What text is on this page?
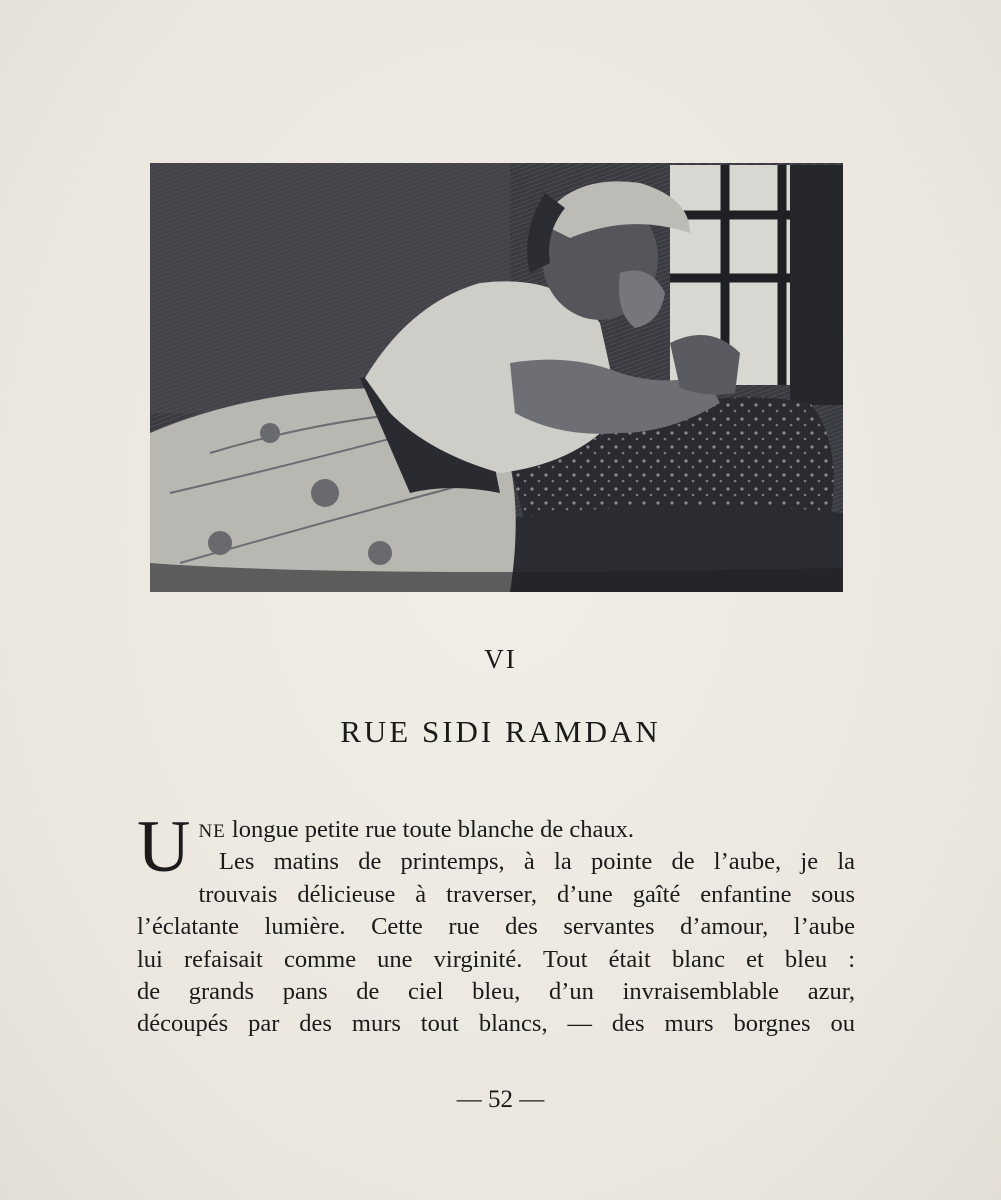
VI
RUE SIDI RAMDAN
U NE longue petite rue toute blanche de chaux.
Les matins de printemps, à la pointe de l’aube, je la
trouvais délicieuse à traverser, d’une gaîté enfantine sous
l’éclatante lumière. Cette rue des servantes d’amour, l’aube
lui refaisait comme une virginité. Tout était blanc et bleu :
de grands pans de ciel bleu, d’un invraisemblable azur,
découpés par des murs tout blancs, — des murs borgnes ou
— 52 —
